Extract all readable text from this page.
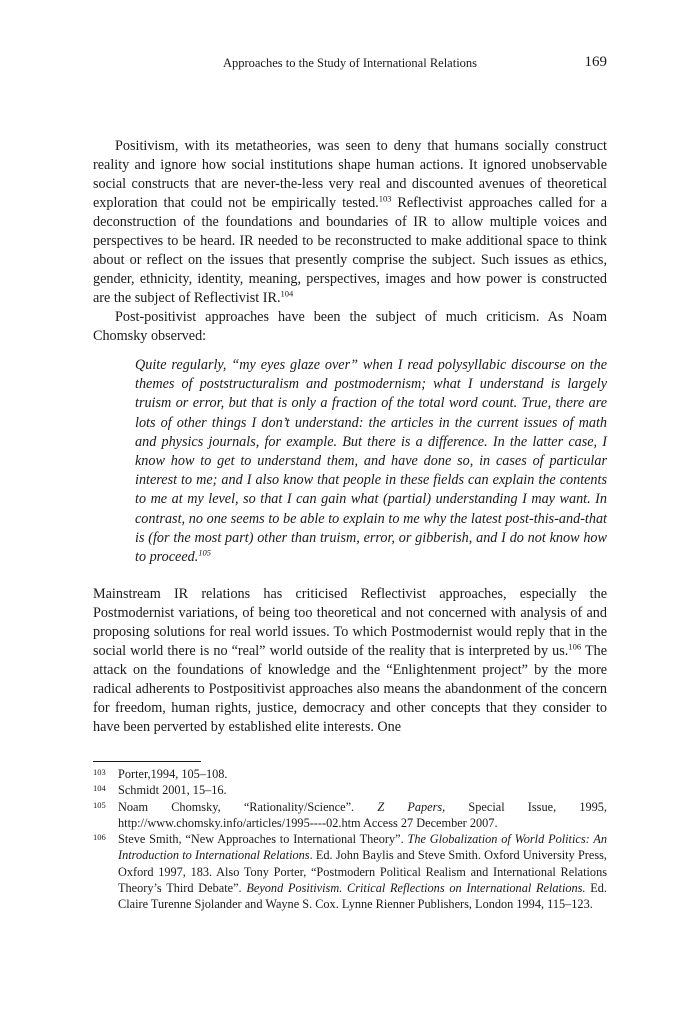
Approaches to the Study of International Relations	169

Positivism, with its metatheories, was seen to deny that humans socially construct reality and ignore how social institutions shape human actions. It ignored unobservable social constructs that are never-the-less very real and discounted avenues of theoretical exploration that could not be empirically tested.$^{103}$ Reflectivist approaches called for a deconstruction of the foundations and boundaries of IR to allow multiple voices and perspectives to be heard. IR needed to be reconstructed to make additional space to think about or reflect on the issues that presently comprise the subject. Such issues as ethics, gender, ethnicity, identity, meaning, perspectives, images and how power is constructed are the subject of Reflectivist IR.$^{104}$

Post-positivist approaches have been the subject of much criticism. As Noam Chomsky observed:

Quite regularly, “my eyes glaze over” when I read polysyllabic discourse on the themes of poststructuralism and postmodernism; what I understand is largely truism or error, but that is only a fraction of the total word count. True, there are lots of other things I don’t understand: the articles in the current issues of math and physics journals, for example. But there is a difference. In the latter case, I know how to get to understand them, and have done so, in cases of particular interest to me; and I also know that people in these fields can explain the contents to me at my level, so that I can gain what (partial) understanding I may want. In contrast, no one seems to be able to explain to me why the latest post-this-and-that is (for the most part) other than truism, error, or gibberish, and I do not know how to proceed.$^{105}$

Mainstream IR relations has criticised Reflectivist approaches, especially the Postmodernist variations, of being too theoretical and not concerned with analysis of and proposing solutions for real world issues. To which Postmodernist would reply that in the social world there is no “real” world outside of the reality that is interpreted by us.$^{106}$ The attack on the foundations of knowledge and the “Enlightenment project” by the more radical adherents to Postpositivist approaches also means the abandonment of the concern for freedom, human rights, justice, democracy and other concepts that they consider to have been perverted by established elite interests. One

103 Porter,1994, 105–108.
104 Schmidt 2001, 15–16.
105 Noam Chomsky, “Rationality/Science”. Z Papers, Special Issue, 1995, http://www.chomsky.info/articles/1995----02.htm Access 27 December 2007.
106 Steve Smith, “New Approaches to International Theory”. The Globalization of World Politics: An Introduction to International Relations. Ed. John Baylis and Steve Smith. Oxford University Press, Oxford 1997, 183. Also Tony Porter, “Postmodern Political Realism and International Relations Theory’s Third Debate”. Beyond Positivism. Critical Reflections on International Relations. Ed. Claire Turenne Sjolander and Wayne S. Cox. Lynne Rienner Publishers, London 1994, 115–123.
